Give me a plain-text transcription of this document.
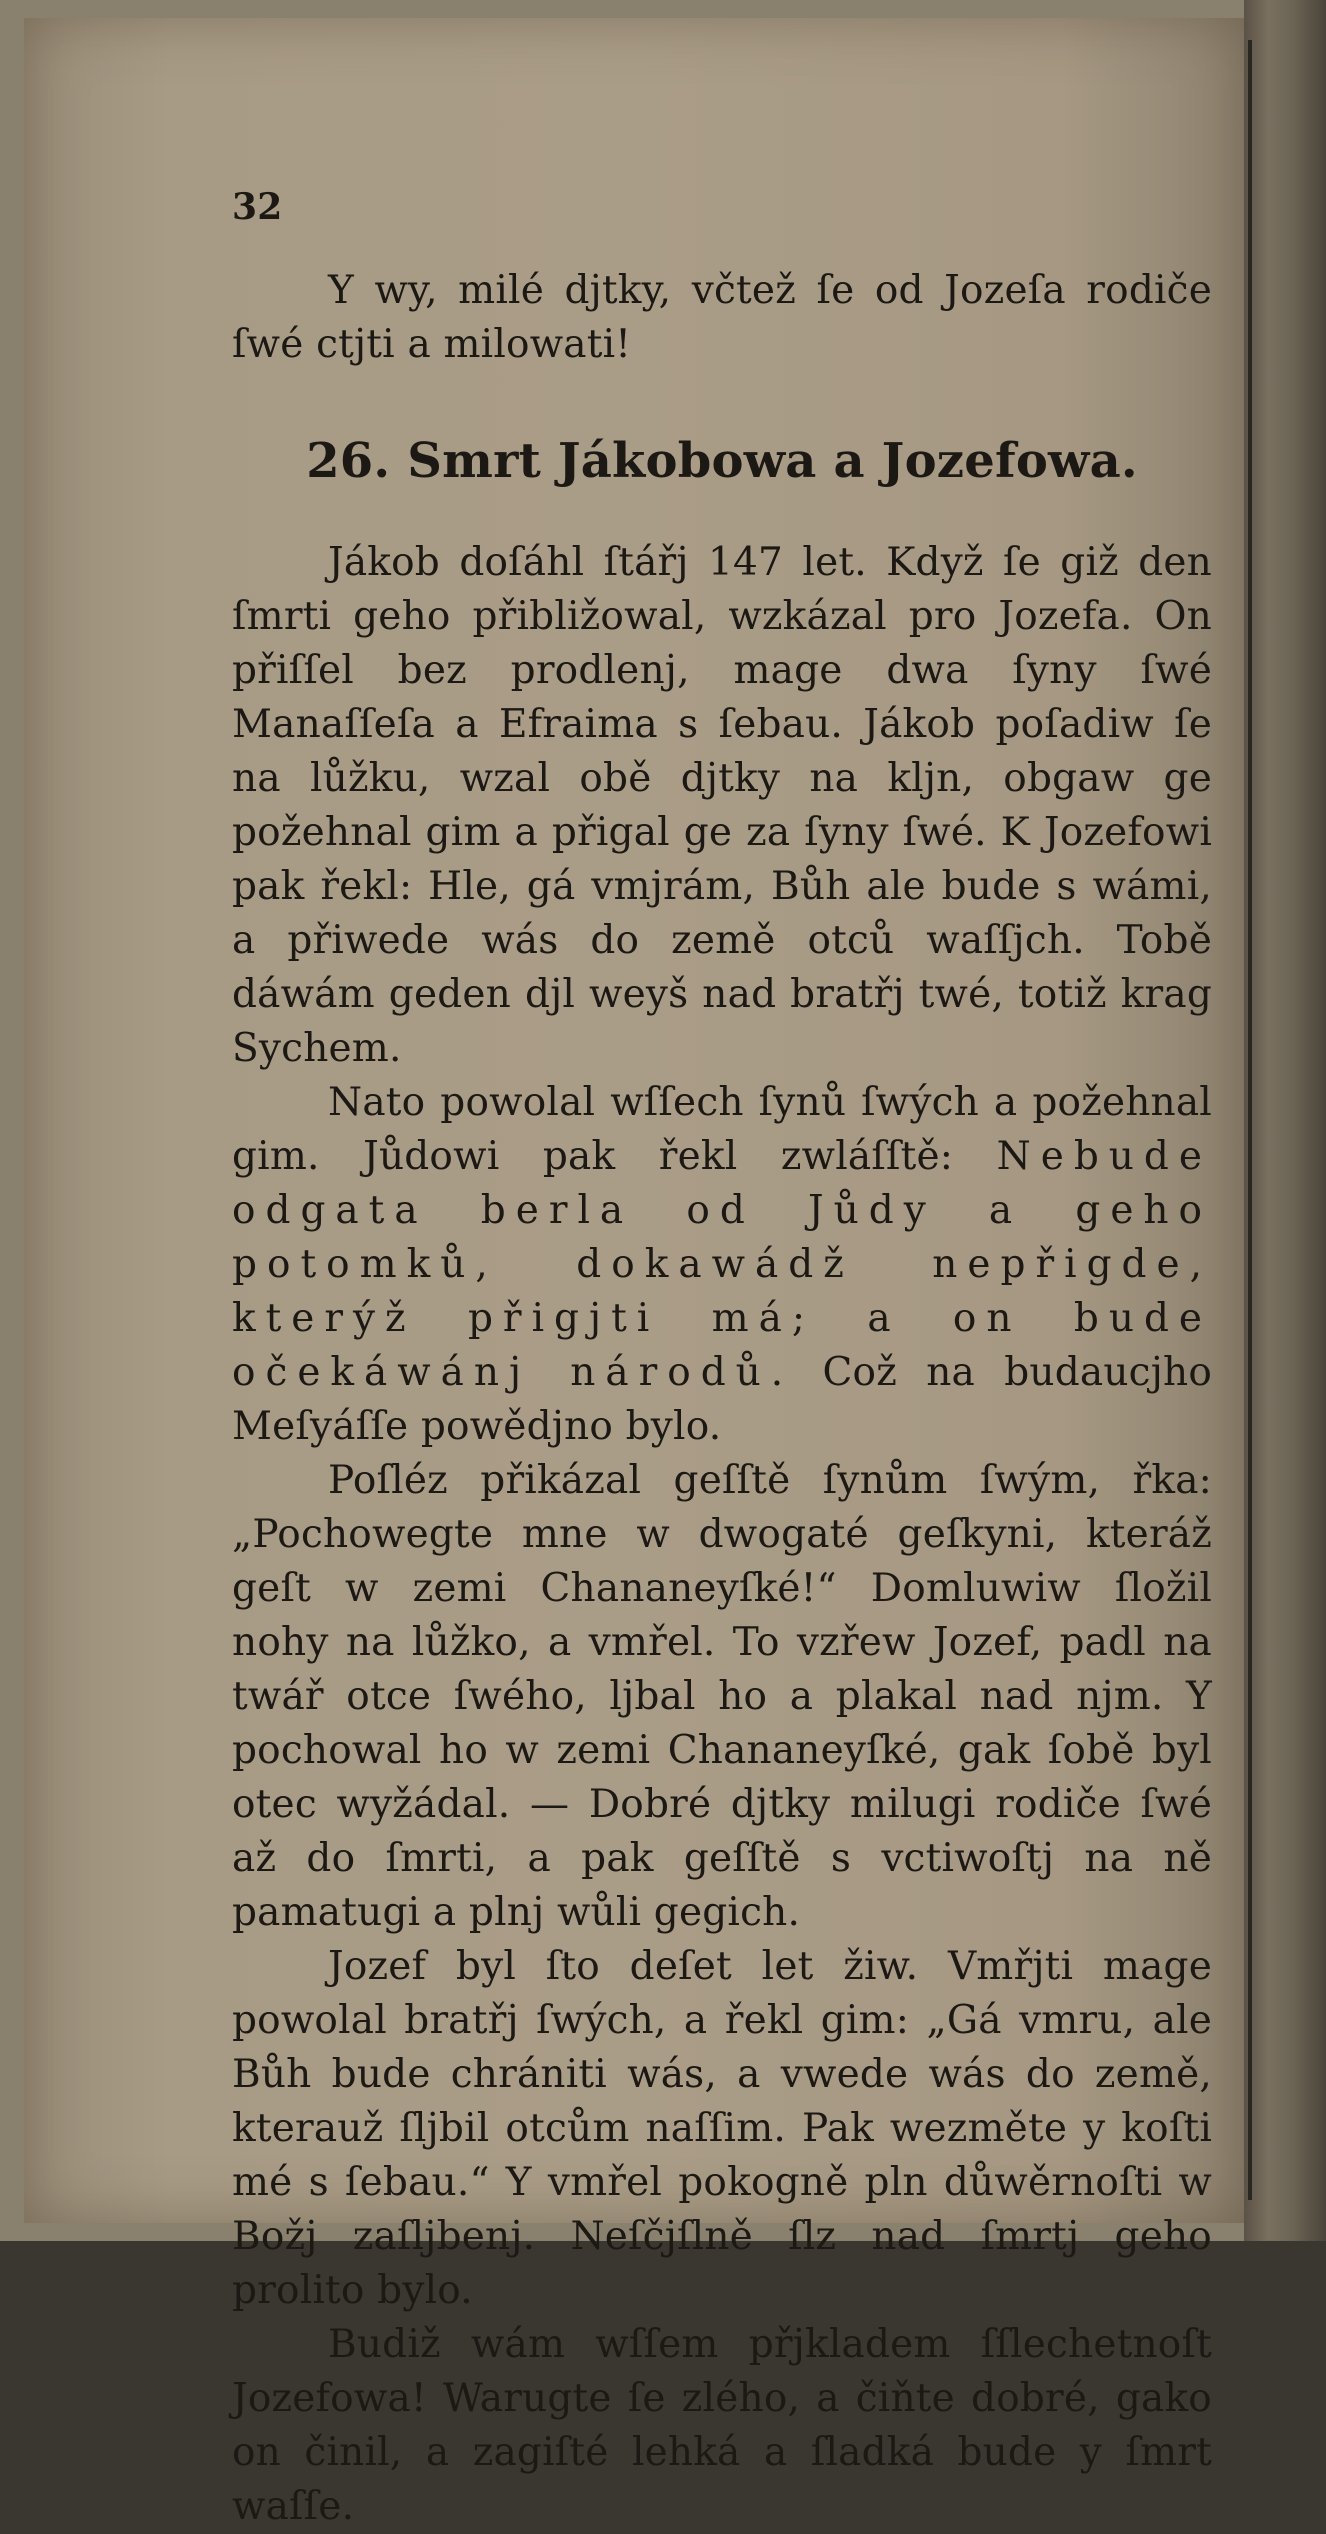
32

Y wy, milé djtky, včtež ſe od Jozeſa rodiče ſwé ctjti a milowati!

26. Smrt Jákobowa a Jozefowa.

Jákob doſáhl ſtářj 147 let. Když ſe giž den ſmrti geho přibližowal, wzkázal pro Jozefa. On přiſſel bez prodlenj, mage dwa ſyny ſwé Manaſſeſa a Efraima s ſebau. Jákob poſadiw ſe na lůžku, wzal obě djtky na kljn, obgaw ge požehnal gim a přigal ge za ſyny ſwé. K Jozefowi pak řekl: Hle, gá vmjrám, Bůh ale bude s wámi, a přiwede wás do země otců waſſjch. Tobě dáwám geden djl weyš nad bratřj twé, totiž krag Sychem.

Nato powolal wſſech ſynů ſwých a požehnal gim. Jůdowi pak řekl zwláſſtě: Nebude odgata berla od Jůdy a geho potomků, dokawádž nepřigde, kterýž přigjti má; a on bude očekáwánj národů. Což na budaucjho Meſyáſſe powědjno bylo.

Poſléz přikázal geſſtě ſynům ſwým, řka: „Pochowegte mne w dwogaté geſkyni, kteráž geſt w zemi Chananeyſké!“ Domluwiw ſložil nohy na lůžko, a vmřel. To vzřew Jozef, padl na twář otce ſwého, ljbal ho a plakal nad njm. Y pochowal ho w zemi Chananeyſké, gak ſobě byl otec wyžádal. — Dobré djtky milugi rodiče ſwé až do ſmrti, a pak geſſtě s vctiwoſtj na ně pamatugi a plnj wůli gegich.

Jozef byl ſto deſet let žiw. Vmřjti mage powolal bratřj ſwých, a řekl gim: „Gá vmru, ale Bůh bude chrániti wás, a vwede wás do země, kterauž ſljbil otcům naſſim. Pak wezměte y koſti mé s ſebau.“ Y vmřel pokogně pln důwěrnoſti w Božj zaſljbenj. Neſčjſlně ſlz nad ſmrtj geho prolito bylo.

Budiž wám wſſem přjkladem ſſlechetnoſt Jozefowa! Warugte ſe zlého, a čiňte dobré, gako on činil, a zagiſté lehká a ſladká bude y ſmrt waſſe.
